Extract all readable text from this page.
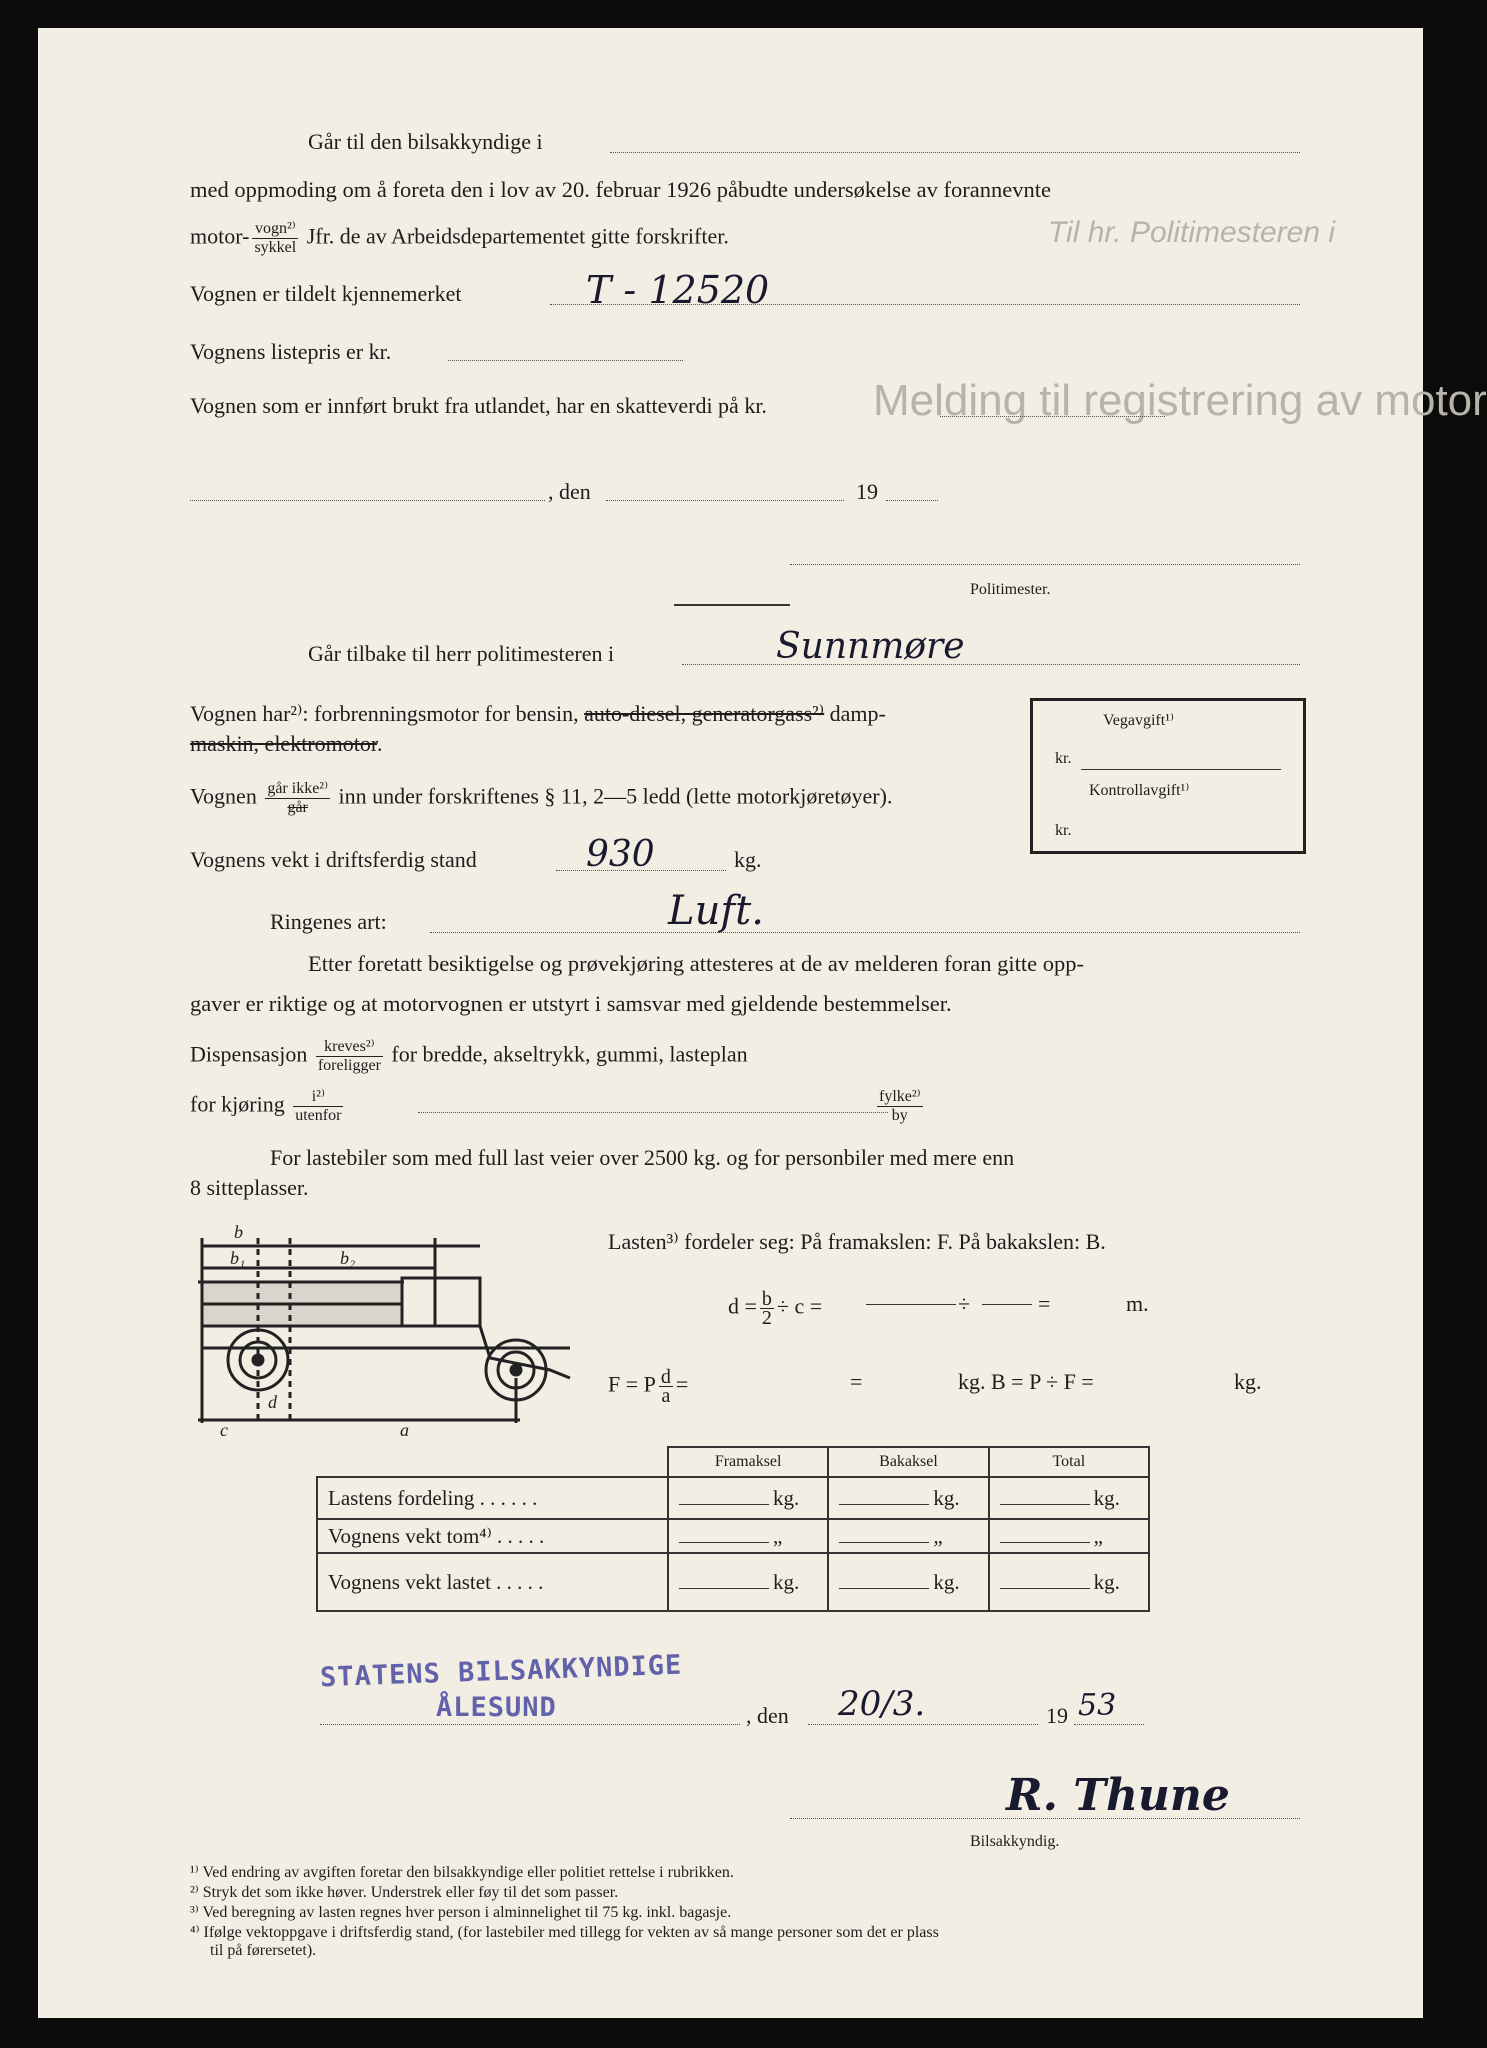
Til hr. Politimesteren i
Melding til registrering av motor
Går til den bilsakkyndige i
med oppmoding om å foreta den i lov av 20. februar 1926 påbudte undersøkelse av forannevnte
motor- $\frac{\text{vogn²⁾}}{\text{sykkel}}$ Jfr. de av Arbeidsdepartementet gitte forskrifter.
Vognen er tildelt kjennemerket	T - 12520
Vognens listepris er kr.
Vognen som er innført brukt fra utlandet, har en skatteverdi på kr.
, den	19
Politimester.
Går tilbake til herr politimesteren i	Sunnmøre
Vognen har²⁾: forbrenningsmotor for bensin, auto-diesel, generatorgass²⁾ damp-
maskin, elektromotor.
Vegavgift¹⁾
kr.
Kontrollavgift¹⁾
kr.
Vognen $\frac{\text{går ikke²⁾}}{\text{går}}$ inn under forskriftenes § 11, 2—5 ledd (lette motorkjøretøyer).
Vognens vekt i driftsferdig stand	930	kg.
Ringenes art:	Luft.
Etter foretatt besiktigelse og prøvekjøring attesteres at de av melderen foran gitte opp-
gaver er riktige og at motorvognen er utstyrt i samsvar med gjeldende bestemmelser.
Dispensasjon $\frac{\text{kreves²⁾}}{\text{foreligger}}$ for bredde, akseltrykk, gummi, lasteplan
for kjøring $\frac{\text{i²⁾}}{\text{utenfor}}$	$\frac{\text{fylke²⁾}}{by}$
For lastebiler som med full last veier over 2500 kg. og for personbiler med mere enn
8 sitteplasser.
b
b₁	b₂
d
c	a
Lasten³⁾ fordeler seg: På framakslen: F. På bakakslen: B.
$d = \frac{b}{2} \div c$ =	÷	=	m.
F = P $\frac{d}{a}$ =	=	kg. B = P ÷ F =	kg.
	Framaksel	Bakaksel	Total
Lastens fordeling . . . . . .	kg.	kg.	kg.
Vognens vekt tom⁴⁾ . . . . .	„	„	„
Vognens vekt lastet . . . . .	kg.	kg.	kg.
STATENS BILSAKKYNDIGE
ÅLESUND	, den 20/3.	19 53
R. Thune
Bilsakkyndig.
¹⁾ Ved endring av avgiften foretar den bilsakkyndige eller politiet rettelse i rubrikken.
²⁾ Stryk det som ikke høver. Understrek eller føy til det som passer.
³⁾ Ved beregning av lasten regnes hver person i alminnelighet til 75 kg. inkl. bagasje.
⁴⁾ Ifølge vektoppgave i driftsferdig stand, (for lastebiler med tillegg for vekten av så mange personer som det er plass
til på førersetet).
